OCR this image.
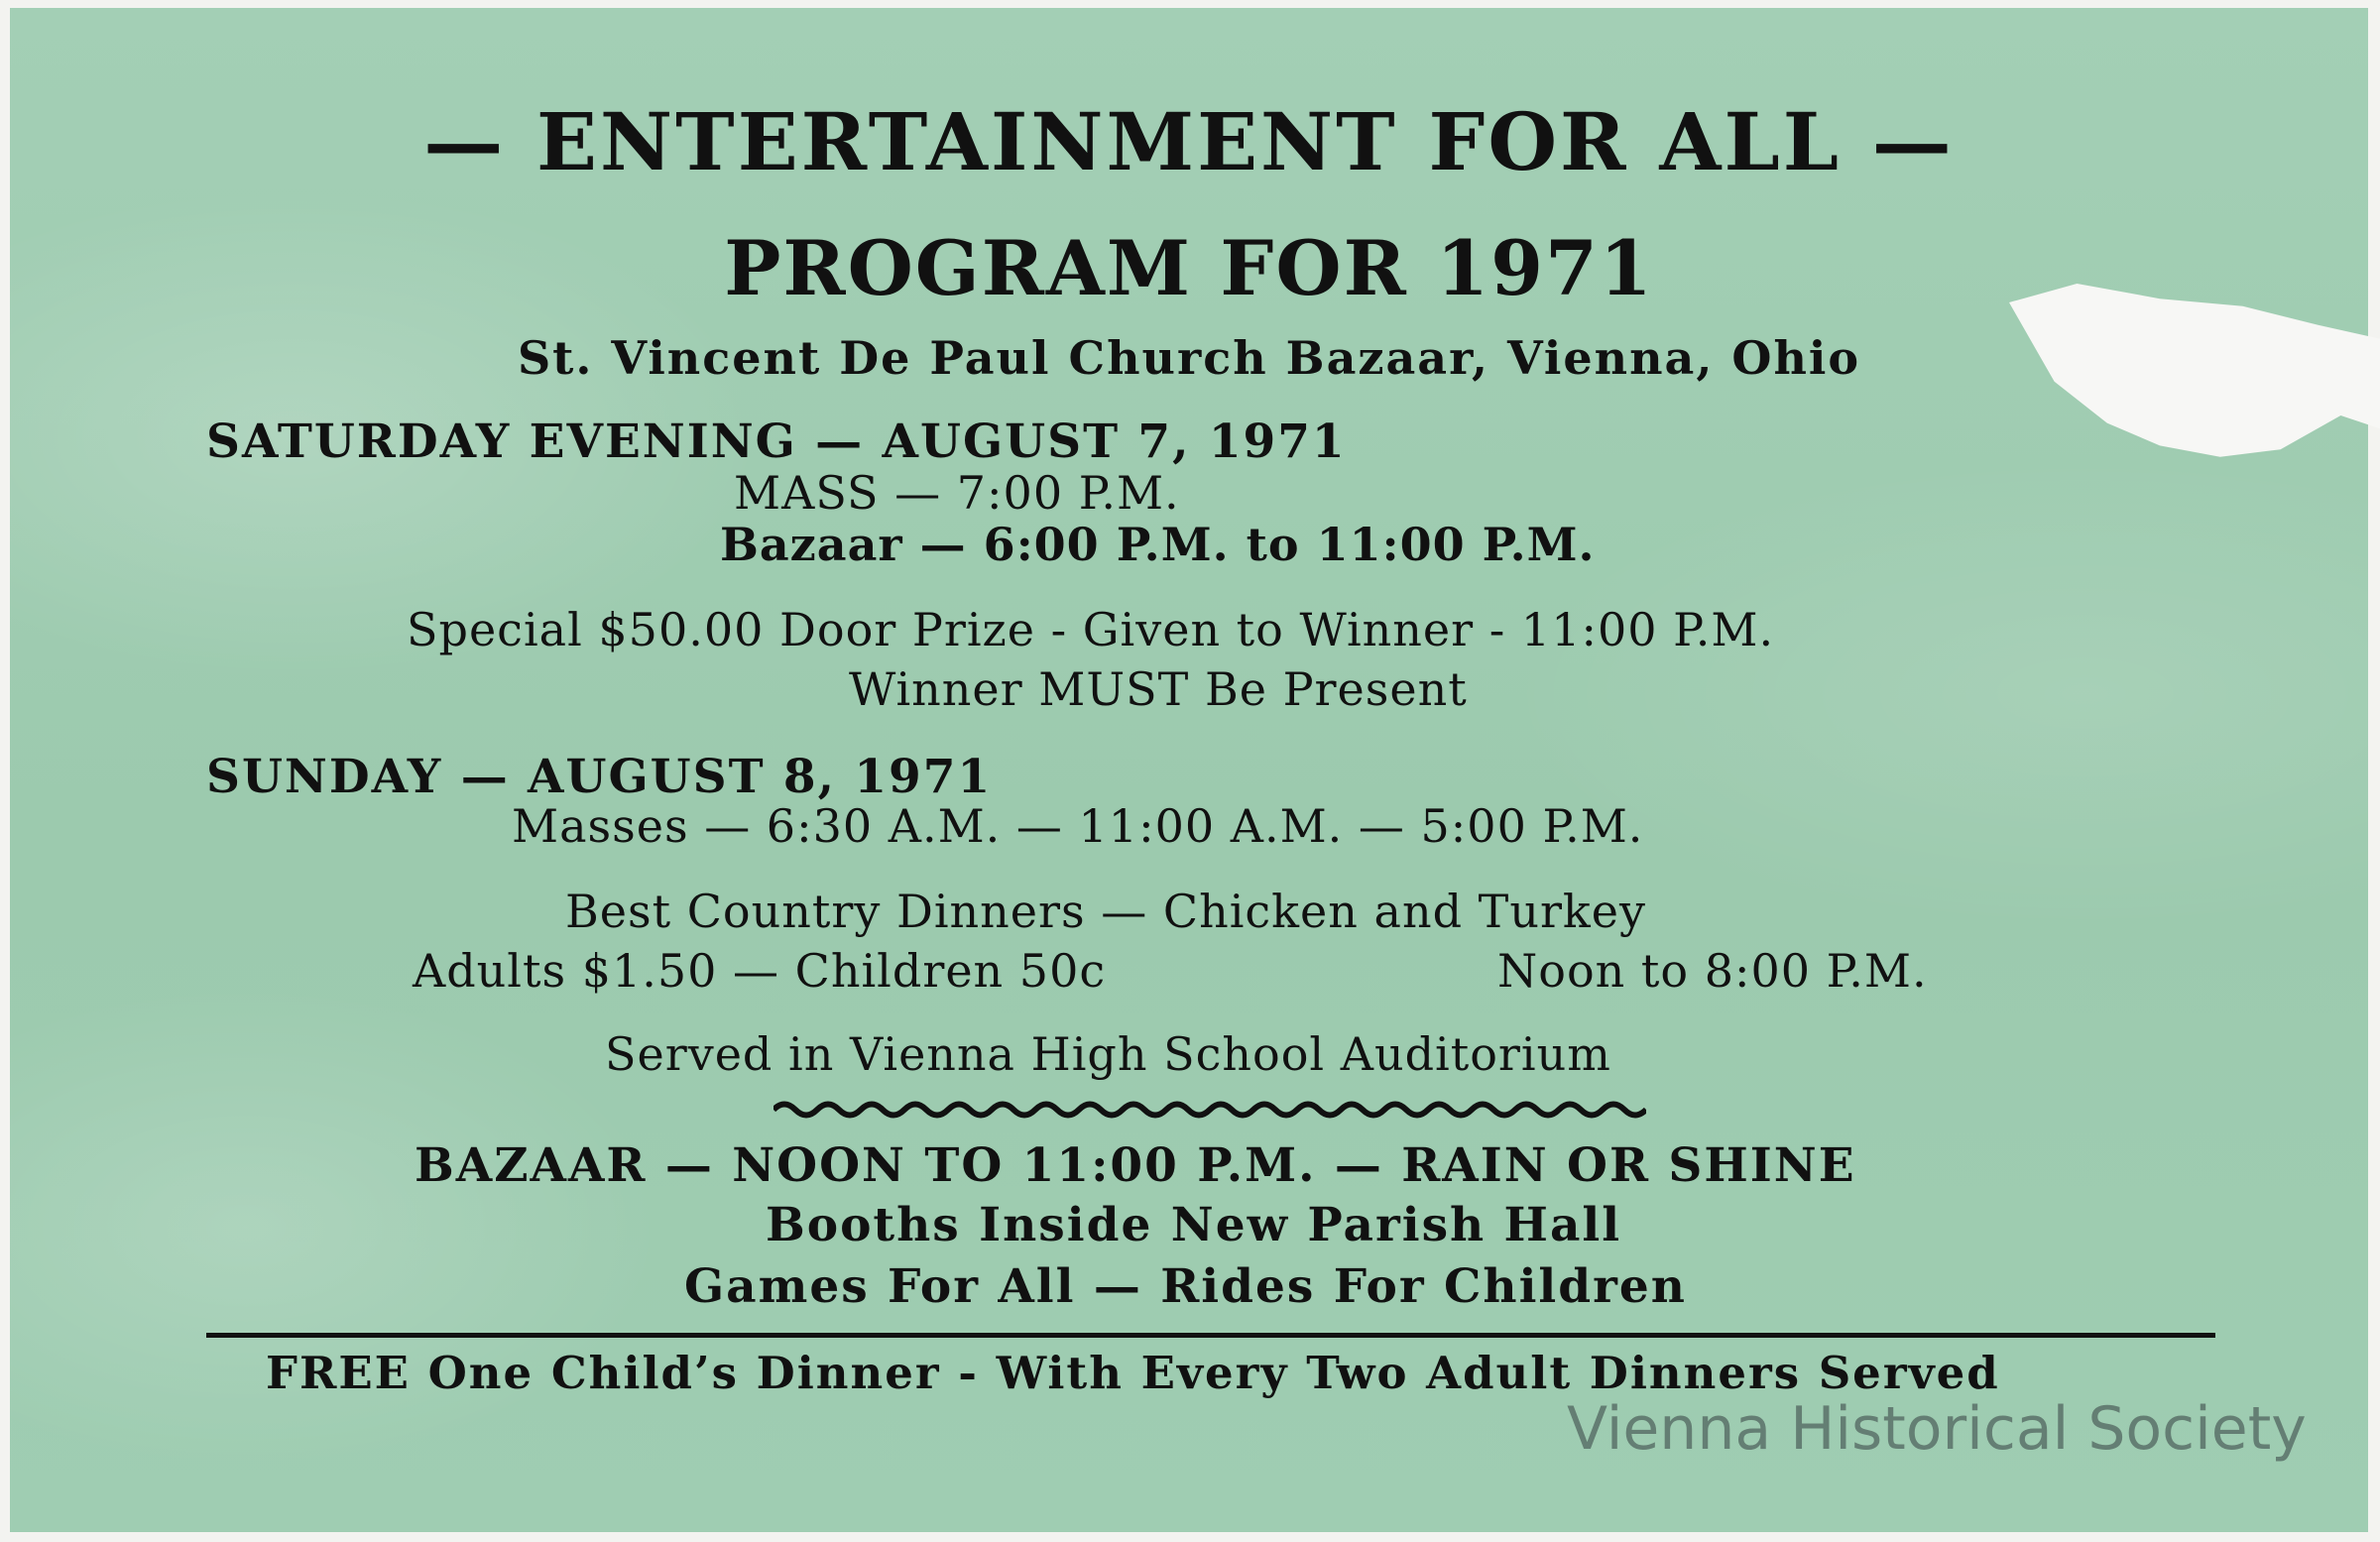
— ENTERTAINMENT FOR ALL —
PROGRAM FOR 1971
St. Vincent De Paul Church Bazaar, Vienna, Ohio
SATURDAY EVENING — AUGUST 7, 1971
MASS — 7:00 P.M.
Bazaar — 6:00 P.M. to 11:00 P.M.
Special $50.00 Door Prize - Given to Winner - 11:00 P.M.
Winner MUST Be Present
SUNDAY — AUGUST 8, 1971
Masses — 6:30 A.M. — 11:00 A.M. — 5:00 P.M.
Best Country Dinners — Chicken and Turkey
Adults $1.50 — Children 50c	Noon to 8:00 P.M.
Served in Vienna High School Auditorium
BAZAAR — NOON TO 11:00 P.M. — RAIN OR SHINE
Booths Inside New Parish Hall
Games For All — Rides For Children
FREE One Child’s Dinner - With Every Two Adult Dinners Served
Vienna Historical Society
